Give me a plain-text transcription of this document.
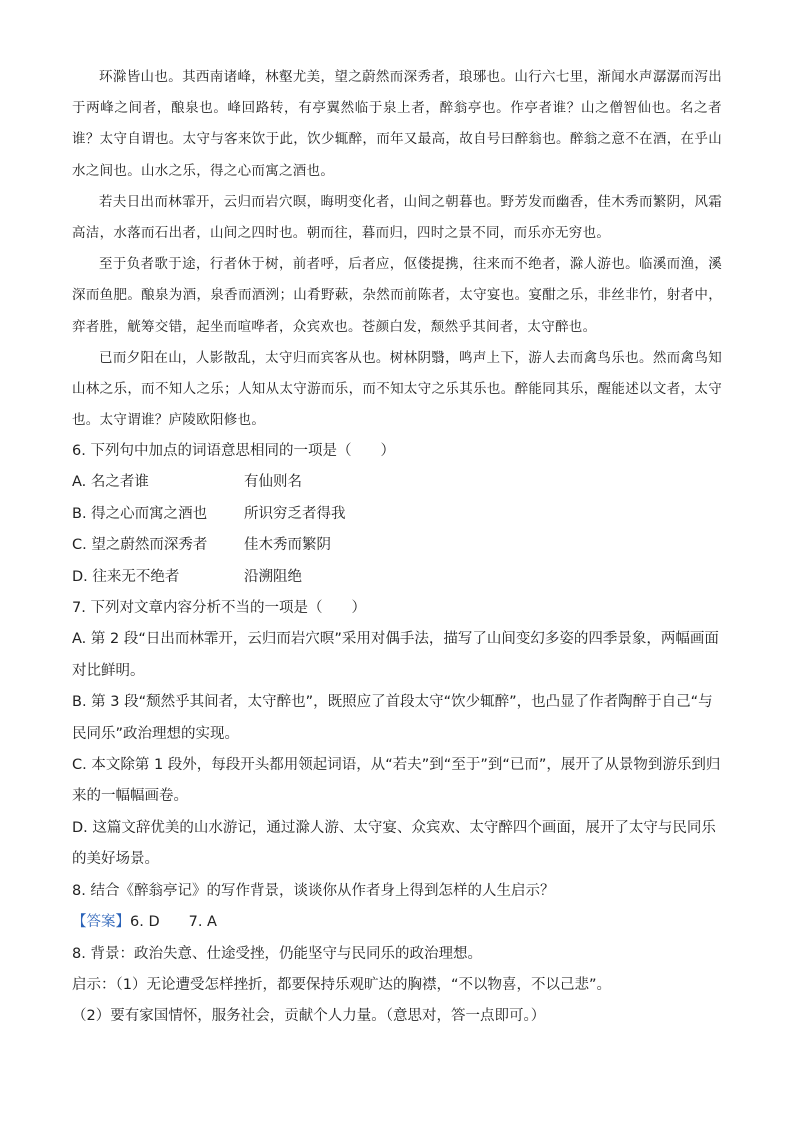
环滁皆山也。其西南诸峰，林壑尤美，望之蔚然而深秀者，琅琊也。山行六七里，渐闻水声潺潺而泻出于两峰之间者，酿泉也。峰回路转，有亭翼然临于泉上者，醉翁亭也。作亭者谁？山之僧智仙也。名之者谁？太守自谓也。太守与客来饮于此，饮少辄醉，而年又最高，故自号曰醉翁也。醉翁之意不在酒，在乎山水之间也。山水之乐，得之心而寓之酒也。

若夫日出而林霏开，云归而岩穴暝，晦明变化者，山间之朝暮也。野芳发而幽香，佳木秀而繁阴，风霜高洁，水落而石出者，山间之四时也。朝而往，暮而归，四时之景不同，而乐亦无穷也。

至于负者歌于途，行者休于树，前者呼，后者应，伛偻提携，往来而不绝者，滁人游也。临溪而渔，溪深而鱼肥。酿泉为酒，泉香而酒洌；山肴野蔌，杂然而前陈者，太守宴也。宴酣之乐，非丝非竹，射者中，弈者胜，觥筹交错，起坐而喧哗者，众宾欢也。苍颜白发，颓然乎其间者，太守醉也。

已而夕阳在山，人影散乱，太守归而宾客从也。树林阴翳，鸣声上下，游人去而禽鸟乐也。然而禽鸟知山林之乐，而不知人之乐；人知从太守游而乐，而不知太守之乐其乐也。醉能同其乐，醒能述以文者，太守也。太守谓谁？庐陵欧阳修也。

6. 下列句中加点的词语意思相同的一项是（　　）

A. 名之者谁	有仙则名
B. 得之心而寓之酒也	所识穷乏者得我
C. 望之蔚然而深秀者	佳木秀而繁阴
D. 往来无不绝者	沿溯阻绝

7. 下列对文章内容分析不当的一项是（　　）

A. 第 2 段“日出而林霏开，云归而岩穴暝”采用对偶手法，描写了山间变幻多姿的四季景象，两幅画面对比鲜明。

B. 第 3 段“颓然乎其间者，太守醉也”，既照应了首段太守“饮少辄醉”，也凸显了作者陶醉于自己“与民同乐”政治理想的实现。

C. 本文除第 1 段外，每段开头都用领起词语，从“若夫”到“至于”到“已而”，展开了从景物到游乐到归来的一幅幅画卷。

D. 这篇文辞优美的山水游记，通过滁人游、太守宴、众宾欢、太守醉四个画面，展开了太守与民同乐的美好场景。

8. 结合《醉翁亭记》的写作背景，谈谈你从作者身上得到怎样的人生启示？

【答案】6. D　　7. A

8. 背景：政治失意、仕途受挫，仍能坚守与民同乐的政治理想。

启示：（1）无论遭受怎样挫折，都要保持乐观旷达的胸襟，“不以物喜，不以己悲”。

（2）要有家国情怀，服务社会，贡献个人力量。（意思对，答一点即可。）
